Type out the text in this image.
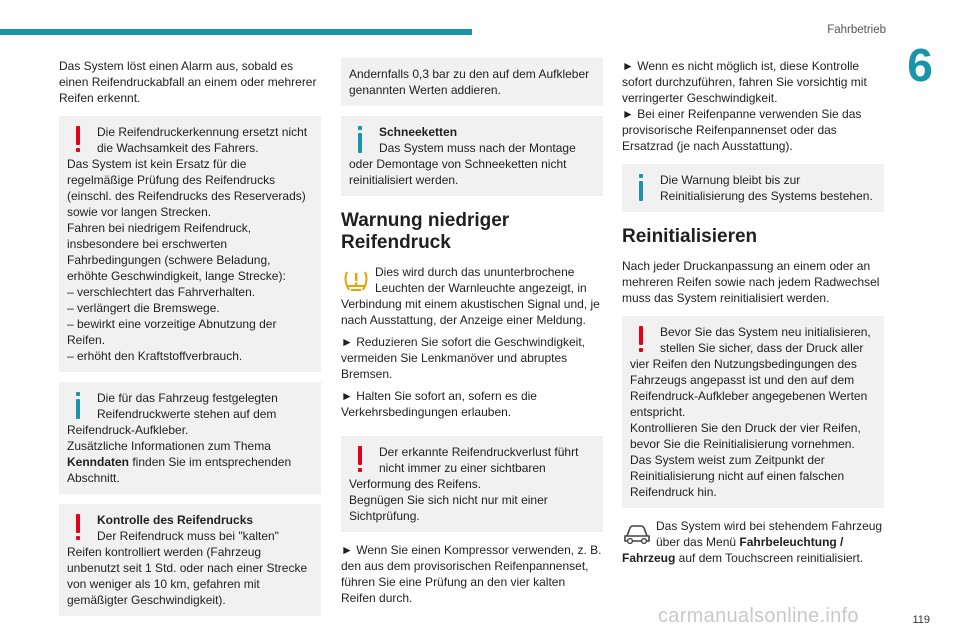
Fahrbetrieb
6

Das System löst einen Alarm aus, sobald es einen Reifendruckabfall an einem oder mehrerer Reifen erkennt.

Die Reifendruckerkennung ersetzt nicht die Wachsamkeit des Fahrers.

Das System ist kein Ersatz für die regelmäßige Prüfung des Reifendrucks (einschl. des Reifendrucks des Reserverads) sowie vor langen Strecken.

Fahren bei niedrigem Reifendruck, insbesondere bei erschwerten Fahrbedingungen (schwere Beladung, erhöhte Geschwindigkeit, lange Strecke):

– verschlechtert das Fahrverhalten.

– verlängert die Bremswege.

– bewirkt eine vorzeitige Abnutzung der Reifen.

– erhöht den Kraftstoffverbrauch.

Die für das Fahrzeug festgelegten Reifendruckwerte stehen auf dem Reifendruck-Aufkleber.

Zusätzliche Informationen zum Thema Kenndaten finden Sie im entsprechenden Abschnitt.

Kontrolle des Reifendrucks

Der Reifendruck muss bei "kalten" Reifen kontrolliert werden (Fahrzeug unbenutzt seit 1 Std. oder nach einer Strecke von weniger als 10 km, gefahren mit gemäßigter Geschwindigkeit).

Andernfalls 0,3 bar zu den auf dem Aufkleber genannten Werten addieren.

Schneeketten

Das System muss nach der Montage oder Demontage von Schneeketten nicht reinitialisiert werden.

Warnung niedriger Reifendruck

Dies wird durch das ununterbrochene Leuchten der Warnleuchte angezeigt, in Verbindung mit einem akustischen Signal und, je nach Ausstattung, der Anzeige einer Meldung.

► Reduzieren Sie sofort die Geschwindigkeit, vermeiden Sie Lenkmanöver und abruptes Bremsen.

► Halten Sie sofort an, sofern es die Verkehrsbedingungen erlauben.

Der erkannte Reifendruckverlust führt nicht immer zu einer sichtbaren Verformung des Reifens.

Begnügen Sie sich nicht nur mit einer Sichtprüfung.

► Wenn Sie einen Kompressor verwenden, z. B. den aus dem provisorischen Reifenpannenset, führen Sie eine Prüfung an den vier kalten Reifen durch.

► Wenn es nicht möglich ist, diese Kontrolle sofort durchzuführen, fahren Sie vorsichtig mit verringerter Geschwindigkeit.

► Bei einer Reifenpanne verwenden Sie das provisorische Reifenpannenset oder das Ersatzrad (je nach Ausstattung).

Die Warnung bleibt bis zur Reinitialisierung des Systems bestehen.

Reinitialisieren

Nach jeder Druckanpassung an einem oder an mehreren Reifen sowie nach jedem Radwechsel muss das System reinitialisiert werden.

Bevor Sie das System neu initialisieren, stellen Sie sicher, dass der Druck aller vier Reifen den Nutzungsbedingungen des Fahrzeugs angepasst ist und den auf dem Reifendruck-Aufkleber angegebenen Werten entspricht.

Kontrollieren Sie den Druck der vier Reifen, bevor Sie die Reinitialisierung vornehmen.

Das System weist zum Zeitpunkt der Reinitialisierung nicht auf einen falschen Reifendruck hin.

Das System wird bei stehendem Fahrzeug über das Menü Fahrbeleuchtung / Fahrzeug auf dem Touchscreen reinitialisiert.

carmanualsonline.info	119
